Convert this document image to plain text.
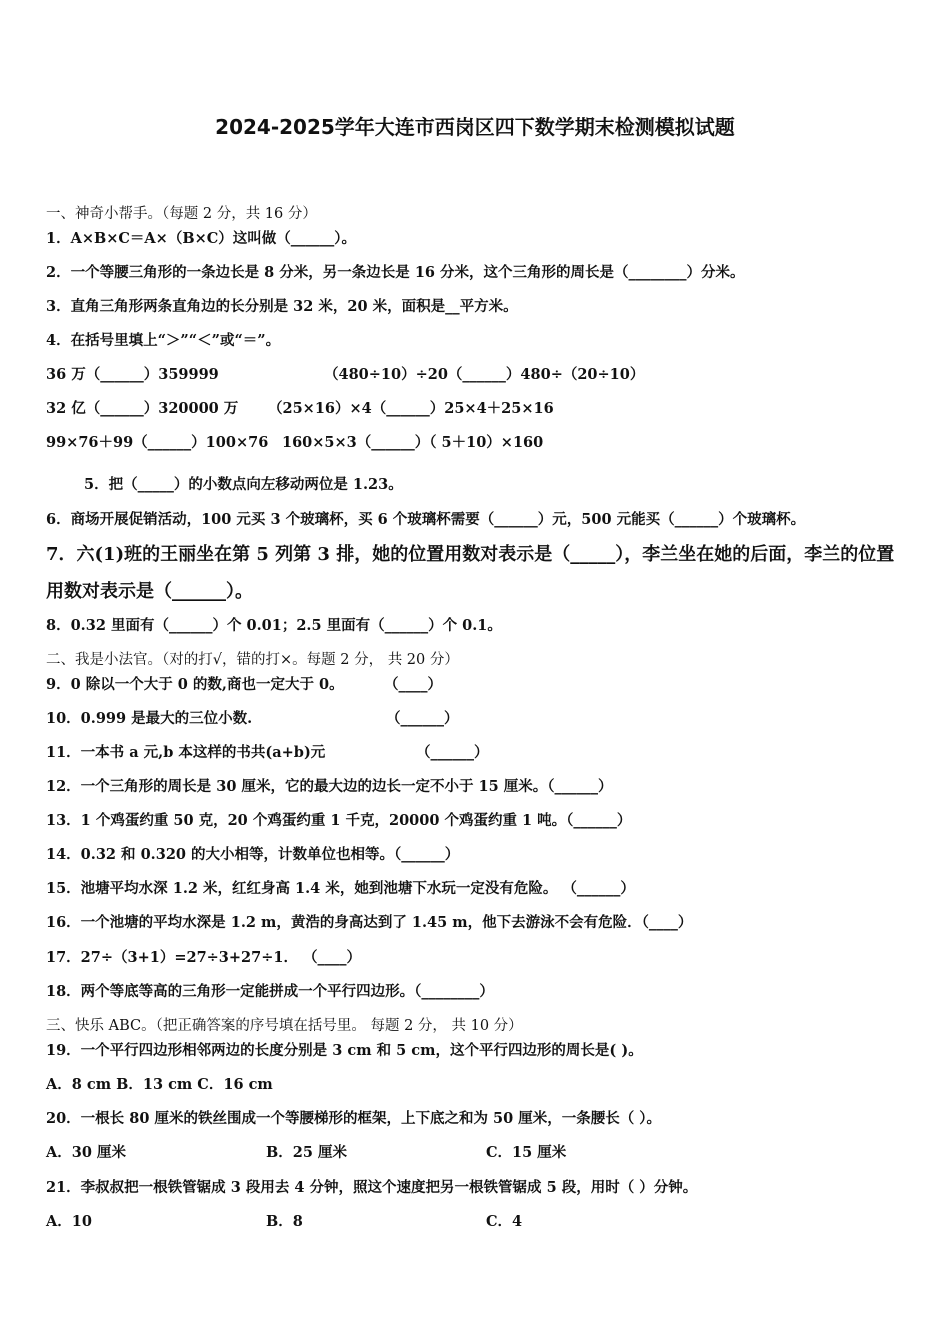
2024-2025学年大连市西岗区四下数学期末检测模拟试题
一、神奇小帮手。（每题 2 分，共 16 分）
1．A×B×C＝A×（B×C）这叫做（______）。
2．一个等腰三角形的一条边长是 8 分米，另一条边长是 16 分米，这个三角形的周长是（________）分米。
3．直角三角形两条直角边的长分别是 32 米，20 米，面积是__平方米。
4．在括号里填上“＞”“＜”或“＝”。
36 万（______）359999	（480÷10）÷20（______）480÷（20÷10）
32 亿（______）320000 万 （25×16）×4（______）25×4＋25×16
99×76＋99（______）100×76 160×5×3（______）（ 5＋10）×160
5．把（_____）的小数点向左移动两位是 1.23。
6．商场开展促销活动，100 元买 3 个玻璃杯，买 6 个玻璃杯需要（______）元，500 元能买（______）个玻璃杯。
7．六(1)班的王丽坐在第 5 列第 3 排，她的位置用数对表示是（_____），李兰坐在她的后面，李兰的位置
用数对表示是（______）。
8．0.32 里面有（______）个 0.01；2.5 里面有（______）个 0.1。
二、我是小法官。（对的打√，错的打×。每题 2 分， 共 20 分）
9．0 除以一个大于 0 的数,商也一定大于 0。	（____）
10．0.999 是最大的三位小数.	（______）
11．一本书 a 元,b 本这样的书共(a+b)元	（______）
12．一个三角形的周长是 30 厘米，它的最大边的边长一定不小于 15 厘米。（______）
13．1 个鸡蛋约重 50 克，20 个鸡蛋约重 1 千克，20000 个鸡蛋约重 1 吨。（______）
14．0.32 和 0.320 的大小相等，计数单位也相等。（______）
15．池塘平均水深 1.2 米，红红身高 1.4 米，她到池塘下水玩一定没有危险。 （______）
16．一个池塘的平均水深是 1.2 m，黄浩的身高达到了 1.45 m，他下去游泳不会有危险．（____）
17．27÷（3+1）=27÷3+27÷1． （____）
18．两个等底等高的三角形一定能拼成一个平行四边形。（________）
三、快乐 ABC。（把正确答案的序号填在括号里。 每题 2 分， 共 10 分）
19．一个平行四边形相邻两边的长度分别是 3 cm 和 5 cm，这个平行四边形的周长是( )。
A．8 cm B．13 cm C．16 cm
20．一根长 80 厘米的铁丝围成一个等腰梯形的框架，上下底之和为 50 厘米，一条腰长（ ）。
A．30 厘米	B．25 厘米	C．15 厘米
21．李叔叔把一根铁管锯成 3 段用去 4 分钟，照这个速度把另一根铁管锯成 5 段，用时（ ）分钟。
A．10	B．8	C．4
